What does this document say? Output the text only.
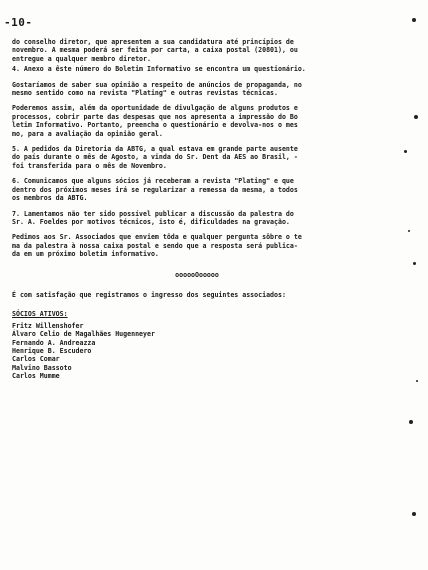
-10-
do conselho diretor, que apresentem a sua candidatura até princípios de
novembro. A mesma poderá ser feita por carta, a caixa postal (20801), ou
entregue a qualquer membro diretor.
4. Anexo a êste número do Boletim Informativo se encontra um questionário.
Gostaríamos de saber sua opinião a respeito de anúncios de propaganda, no
mesmo sentido como na revista "Plating" e outras revistas técnicas.
Poderemos assim, além da oportunidade de divulgação de alguns produtos e
processos, cobrir parte das despesas que nos apresenta a impressão do Bo
letim Informativo. Portanto, preencha o questionário e devolva-nos o mes
mo, para a avaliação da opinião geral.
5. A pedidos da Diretoria da ABTG, a qual estava em grande parte ausente
do país durante o mês de Agosto, a vinda do Sr. Dent da AES ao Brasil, -
foi transferida para o mês de Novembro.
6. Comunicamos que alguns sócios já receberam a revista "Plating" e que
dentro dos próximos meses irá se regularizar a remessa da mesma, a todos
os membros da ABTG.
7. Lamentamos não ter sido possível publicar a discussão da palestra do
Sr. A. Foeldes por motivos técnicos, isto é, dificuldades na gravação.
Pedimos aos Sr. Associados que enviem tôda e qualquer pergunta sôbre o te
ma da palestra à nossa caixa postal e sendo que a resposta será publica-
da em um próximo boletim informativo.
oooooOooooo
É com satisfação que registramos o ingresso dos seguintes associados:
SÓCIOS ATIVOS:
Fritz Willenshofer
Álvaro Celio de Magalhães Hugenneyer
Fernando A. Andreazza
Henrique B. Escudero
Carlos Comar
Malvino Bassoto
Carlos Mumme
